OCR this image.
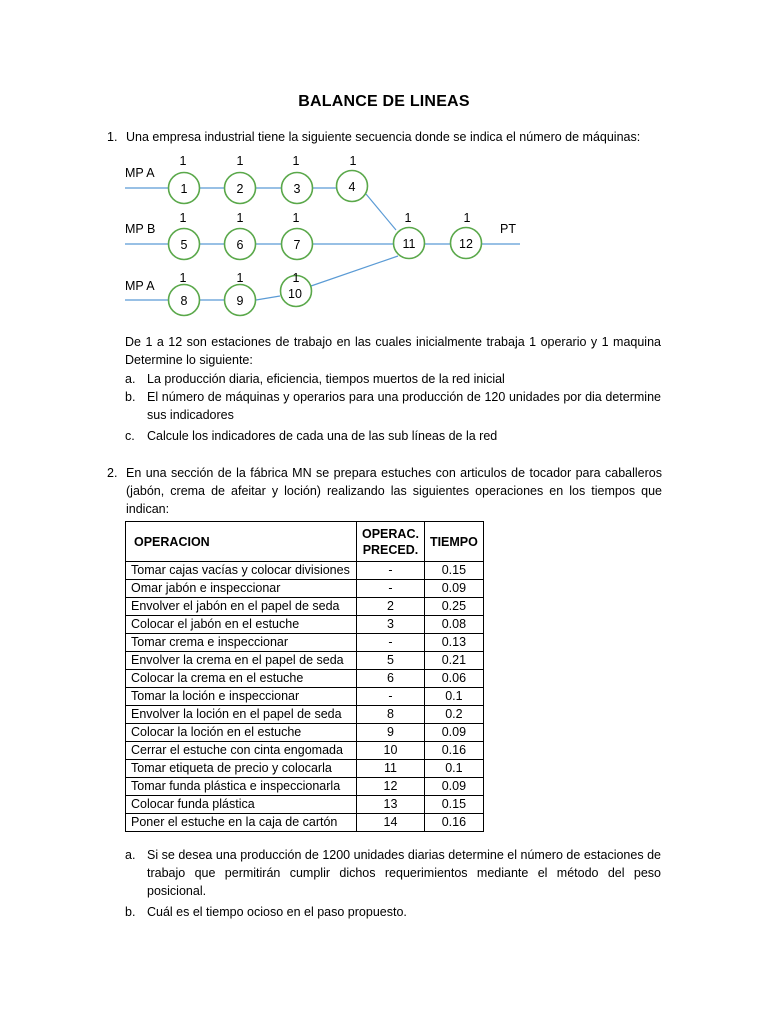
BALANCE DE LINEAS
1. Una empresa industrial tiene la siguiente secuencia donde se indica el número de máquinas:
MP A
MP B
MP A
PT
1	2	3	4
5	6	7
8	9	10
11	12
1	1	1	1
1	1	1
1	1	1
1	1
De 1 a 12 son estaciones de trabajo en las cuales inicialmente trabaja 1 operario y 1 maquina Determine lo siguiente:
a. La producción diaria, eficiencia, tiempos muertos de la red inicial
b. El número de máquinas y operarios para una producción de 120 unidades por dia determine sus indicadores
c. Calcule los indicadores de cada una de las sub líneas de la red
2. En una sección de la fábrica MN se prepara estuches con articulos de tocador para caballeros (jabón, crema de afeitar y loción) realizando las siguientes operaciones en los tiempos que indican:
OPERACION	OPERAC. PRECED.	TIEMPO
Tomar cajas vacías y colocar divisiones	-	0.15
Omar jabón e inspeccionar	-	0.09
Envolver el jabón en el papel de seda	2	0.25
Colocar el jabón en el estuche	3	0.08
Tomar crema e inspeccionar	-	0.13
Envolver la crema en el papel de seda	5	0.21
Colocar la crema en el estuche	6	0.06
Tomar la loción e inspeccionar	-	0.1
Envolver la loción en el papel de seda	8	0.2
Colocar la loción en el estuche	9	0.09
Cerrar el estuche con cinta engomada	10	0.16
Tomar etiqueta de precio y colocarla	11	0.1
Tomar funda plástica e inspeccionarla	12	0.09
Colocar funda plástica	13	0.15
Poner el estuche en la caja de cartón	14	0.16
a. Si se desea una producción de 1200 unidades diarias determine el número de estaciones de trabajo que permitirán cumplir dichos requerimientos mediante el método del peso posicional.
b. Cuál es el tiempo ocioso en el paso propuesto.
